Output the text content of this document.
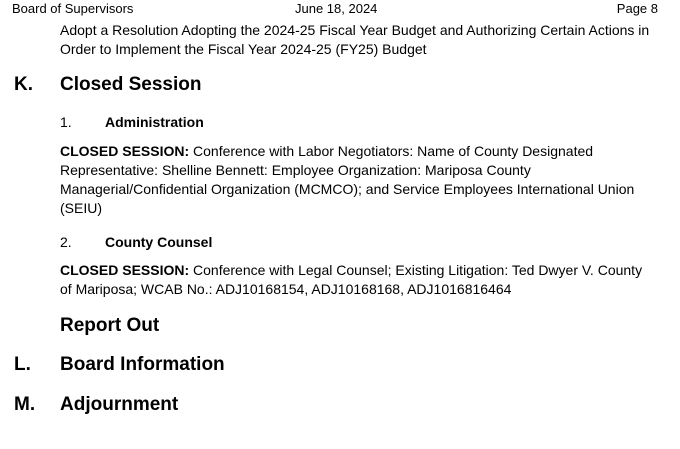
Board of Supervisors	June 18, 2024	Page 8
Adopt a Resolution Adopting the 2024-25 Fiscal Year Budget and Authorizing Certain Actions in Order to Implement the Fiscal Year 2024-25 (FY25) Budget
K. Closed Session
1. Administration
CLOSED SESSION: Conference with Labor Negotiators: Name of County Designated Representative: Shelline Bennett: Employee Organization: Mariposa County Managerial/Confidential Organization (MCMCO); and Service Employees International Union (SEIU)
2. County Counsel
CLOSED SESSION: Conference with Legal Counsel; Existing Litigation: Ted Dwyer V. County of Mariposa; WCAB No.: ADJ10168154, ADJ10168168, ADJ1016816464
Report Out
L. Board Information
M. Adjournment
